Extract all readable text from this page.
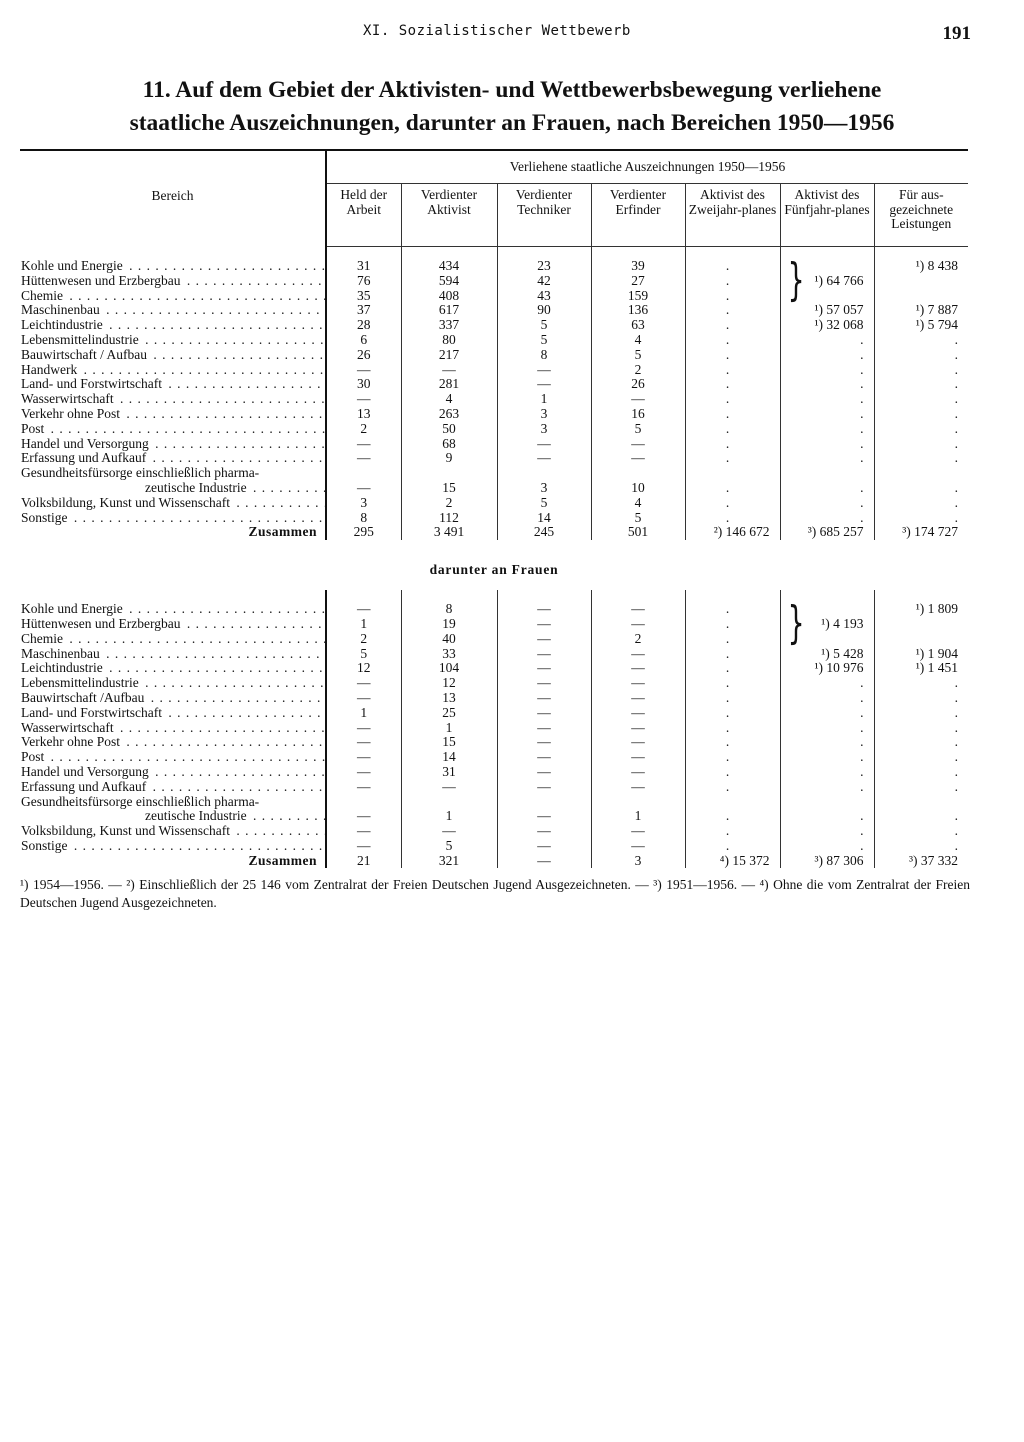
XI. Sozialistischer Wettbewerb	191
11. Auf dem Gebiet der Aktivisten- und Wettbewerbsbewegung verliehene
staatliche Auszeichnungen, darunter an Frauen, nach Bereichen 1950—1956
Bereich	Verliehene staatliche Auszeichnungen 1950—1956						
	Held der Arbeit	Verdienter Aktivist	Verdienter Techniker	Verdienter Erfinder	Aktivist des Zweijahr-planes	Aktivist des Fünfjahr-planes	Für aus-gezeichnete Leistungen

Kohle und Energie . . .	31	434	23	39	.		¹) 8 438

Hüttenwesen und Erzbergbau . . .	76	594	42	27	.	¹) 64 766	

Chemie . . .	35	408	43	159	.		

Maschinenbau . . .	37	617	90	136	.	¹) 57 057	¹) 7 887

Leichtindustrie . . .	28	337	5	63	.	¹) 32 068	¹) 5 794

Lebensmittelindustrie . . .	6	80	5	4	.	.	.

Bauwirtschaft / Aufbau . . .	26	217	8	5	.	.	.

Handwerk . . .	—	—	—	2	.	.	.

Land- und Forstwirtschaft . . .	30	281	—	26	.	.	.

Wasserwirtschaft . . .	—	4	1	—	.	.	.

Verkehr ohne Post . . .	13	263	3	16	.	.	.

Post . . .	2	50	3	5	.	.	.

Handel und Versorgung . . .	—	68	—	—	.	.	.

Erfassung und Aufkauf . . .	—	9	—	—	.	.	.

Gesundheitsfürsorge einschließlich pharma-							

zeutische Industrie . . .	—	15	3	10	.	.	.

Volksbildung, Kunst und Wissenschaft . . .	3	2	5	4	.	.	.

Sonstige . . .	8	112	14	5	.	.	.
Zusammen	295	3 491	245	501	²) 146 672	³) 685 257	³) 174 727
darunter an Frauen							

Kohle und Energie . . .	—	8	—	—	.		¹) 1 809

Hüttenwesen und Erzbergbau . . .	1	19	—	—	.	¹) 4 193	

Chemie . . .	2	40	—	2	.		

Maschinenbau . . .	5	33	—	—	.	¹) 5 428	¹) 1 904

Leichtindustrie . . .	12	104	—	—	.	¹) 10 976	¹) 1 451

Lebensmittelindustrie . . .	—	12	—	—	.	.	.

Bauwirtschaft /Aufbau . . .	—	13	—	—	.	.	.

Land- und Forstwirtschaft . . .	1	25	—	—	.	.	.

Wasserwirtschaft . . .	—	1	—	—	.	.	.

Verkehr ohne Post . . .	—	15	—	—	.	.	.

Post . . .	—	14	—	—	.	.	.

Handel und Versorgung . . .	—	31	—	—	.	.	.

Erfassung und Aufkauf . . .	—	—	—	—	.	.	.

Gesundheitsfürsorge einschließlich pharma-							

zeutische Industrie . . .	—	1	—	1	.	.	.

Volksbildung, Kunst und Wissenschaft . . .	—	—	—	—	.	.	.

Sonstige . . .	—	5	—	—	.	.	.
Zusammen	21	321	—	3	⁴) 15 372	³) 87 306	³) 37 332
¹) 1954—1956. — ²) Einschließlich der 25 146 vom Zentralrat der Freien Deutschen Jugend Ausgezeichneten. — ³) 1951—1956. — ⁴) Ohne die vom Zentralrat der Freien Deutschen Jugend Ausgezeichneten.
}
}
